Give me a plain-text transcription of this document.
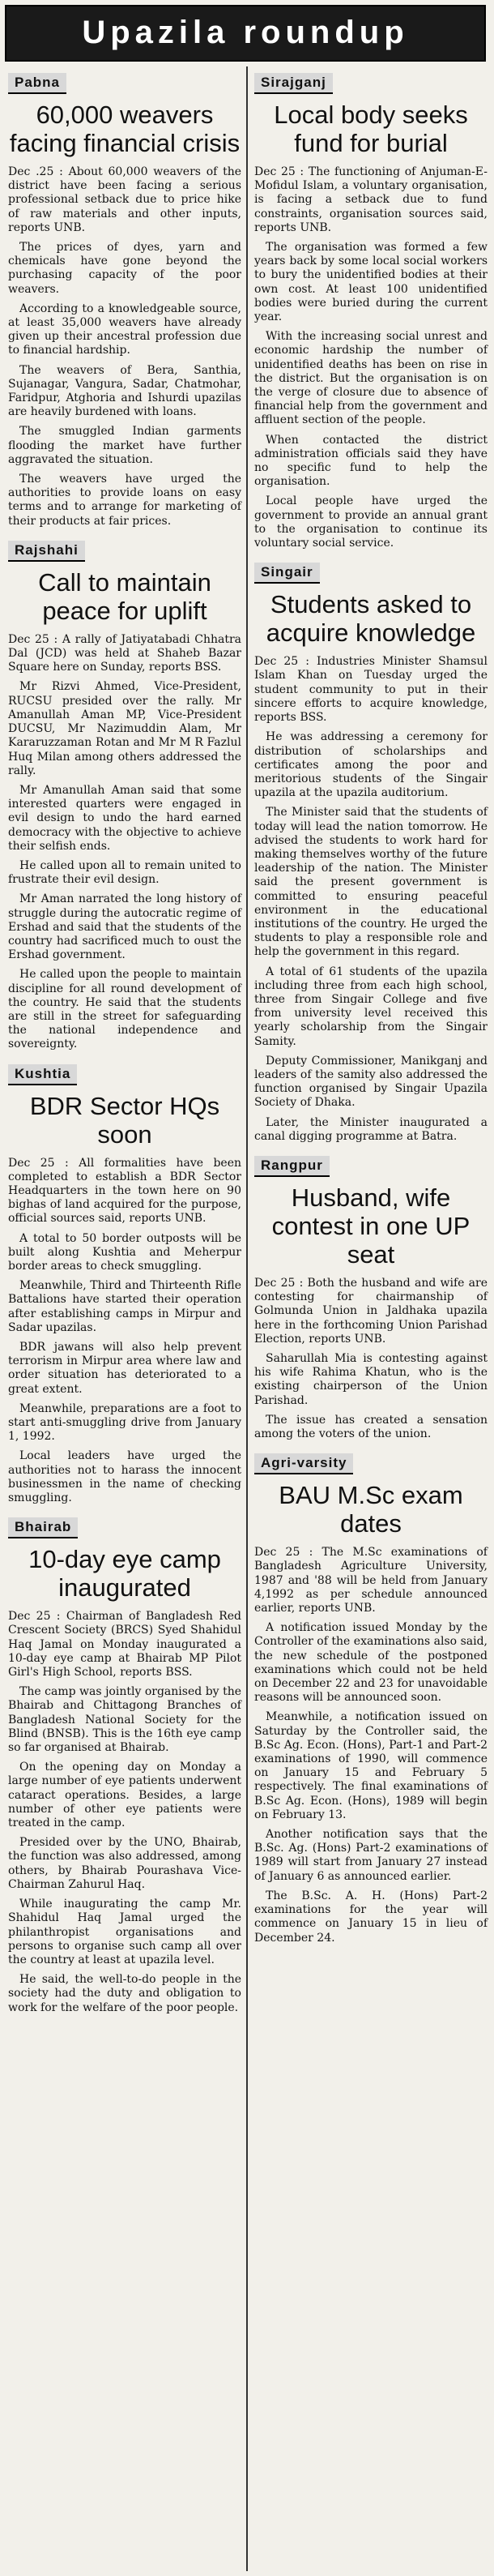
Upazila roundup
Pabna
60,000 weavers facing financial crisis

Dec .25 : About 60,000 weavers of the district have been facing a serious professional setback due to price hike of raw materials and other inputs, reports UNB.

The prices of dyes, yarn and chemicals have gone beyond the purchasing capacity of the poor weavers.

According to a knowledgeable source, at least 35,000 weavers have already given up their ancestral profession due to financial hardship.

The weavers of Bera, Santhia, Sujanagar, Vangura, Sadar, Chatmohar, Faridpur, Atghoria and Ishurdi upazilas are heavily burdened with loans.

The smuggled Indian garments flooding the market have further aggravated the situation.

The weavers have urged the authorities to provide loans on easy terms and to arrange for marketing of their products at fair prices.

Rajshahi
Call to maintain peace for uplift

Dec 25 : A rally of Jatiyatabadi Chhatra Dal (JCD) was held at Shaheb Bazar Square here on Sunday, reports BSS.

Mr Rizvi Ahmed, Vice-President, RUCSU presided over the rally. Mr Amanullah Aman MP, Vice-President DUCSU, Mr Nazimuddin Alam, Mr Kararuzzaman Rotan and Mr M R Fazlul Huq Milan among others addressed the rally.

Mr Amanullah Aman said that some interested quarters were engaged in evil design to undo the hard earned democracy with the objective to achieve their selfish ends.

He called upon all to remain united to frustrate their evil design.

Mr Aman narrated the long history of struggle during the autocratic regime of Ershad and said that the students of the country had sacrificed much to oust the Ershad government.

He called upon the people to maintain discipline for all round development of the country. He said that the students are still in the street for safeguarding the national independence and sovereignty.

Kushtia
BDR Sector HQs soon

Dec 25 : All formalities have been completed to establish a BDR Sector Headquarters in the town here on 90 bighas of land acquired for the purpose, official sources said, reports UNB.

A total to 50 border outposts will be built along Kushtia and Meherpur border areas to check smuggling.

Meanwhile, Third and Thirteenth Rifle Battalions have started their operation after establishing camps in Mirpur and Sadar upazilas.

BDR jawans will also help prevent terrorism in Mirpur area where law and order situation has deteriorated to a great extent.

Meanwhile, preparations are a foot to start anti-smuggling drive from January 1, 1992.

Local leaders have urged the authorities not to harass the innocent businessmen in the name of checking smuggling.

Bhairab
10-day eye camp inaugurated

Dec 25 : Chairman of Bangladesh Red Crescent Society (BRCS) Syed Shahidul Haq Jamal on Monday inaugurated a 10-day eye camp at Bhairab MP Pilot Girl's High School, reports BSS.

The camp was jointly organised by the Bhairab and Chittagong Branches of Bangladesh National Society for the Blind (BNSB). This is the 16th eye camp so far organised at Bhairab.

On the opening day on Monday a large number of eye patients underwent cataract operations. Besides, a large number of other eye patients were treated in the camp.

Presided over by the UNO, Bhairab, the function was also addressed, among others, by Bhairab Pourashava Vice-Chairman Zahurul Haq.

While inaugurating the camp Mr. Shahidul Haq Jamal urged the philanthropist organisations and persons to organise such camp all over the country at least at upazila level.

He said, the well-to-do people in the society had the duty and obligation to work for the welfare of the poor people.

Sirajganj
Local body seeks fund for burial

Dec 25 : The functioning of Anjuman-E-Mofidul Islam, a voluntary organisation, is facing a setback due to fund constraints, organisation sources said, reports UNB.

The organisation was formed a few years back by some local social workers to bury the unidentified bodies at their own cost. At least 100 unidentified bodies were buried during the current year.

With the increasing social unrest and economic hardship the number of unidentified deaths has been on rise in the district. But the organisation is on the verge of closure due to absence of financial help from the government and affluent section of the people.

When contacted the district administration officials said they have no specific fund to help the organisation.

Local people have urged the government to provide an annual grant to the organisation to continue its voluntary social service.

Singair
Students asked to acquire knowledge

Dec 25 : Industries Minister Shamsul Islam Khan on Tuesday urged the student community to put in their sincere efforts to acquire knowledge, reports BSS.

He was addressing a ceremony for distribution of scholarships and certificates among the poor and meritorious students of the Singair upazila at the upazila auditorium.

The Minister said that the students of today will lead the nation tomorrow. He advised the students to work hard for making themselves worthy of the future leadership of the nation. The Minister said the present government is committed to ensuring peaceful environment in the educational institutions of the country. He urged the students to play a responsible role and help the government in this regard.

A total of 61 students of the upazila including three from each high school, three from Singair College and five from university level received this yearly scholarship from the Singair Samity.

Deputy Commissioner, Manikganj and leaders of the samity also addressed the function organised by Singair Upazila Society of Dhaka.

Later, the Minister inaugurated a canal digging programme at Batra.

Rangpur
Husband, wife contest in one UP seat

Dec 25 : Both the husband and wife are contesting for chairmanship of Golmunda Union in Jaldhaka upazila here in the forthcoming Union Parishad Election, reports UNB.

Saharullah Mia is contesting against his wife Rahima Khatun, who is the existing chairperson of the Union Parishad.

The issue has created a sensation among the voters of the union.

Agri-varsity
BAU M.Sc exam dates

Dec 25 : The M.Sc examinations of Bangladesh Agriculture University, 1987 and '88 will be held from January 4,1992 as per schedule announced earlier, reports UNB.

A notification issued Monday by the Controller of the examinations also said, the new schedule of the postponed examinations which could not be held on December 22 and 23 for unavoidable reasons will be announced soon.

Meanwhile, a notification issued on Saturday by the Controller said, the B.Sc Ag. Econ. (Hons), Part-1 and Part-2 examinations of 1990, will commence on January 15 and February 5 respectively. The final examinations of B.Sc Ag. Econ. (Hons), 1989 will begin on February 13.

Another notification says that the B.Sc. Ag. (Hons) Part-2 examinations of 1989 will start from January 27 instead of January 6 as announced earlier.

The B.Sc. A. H. (Hons) Part-2 examinations for the year will commence on January 15 in lieu of December 24.
